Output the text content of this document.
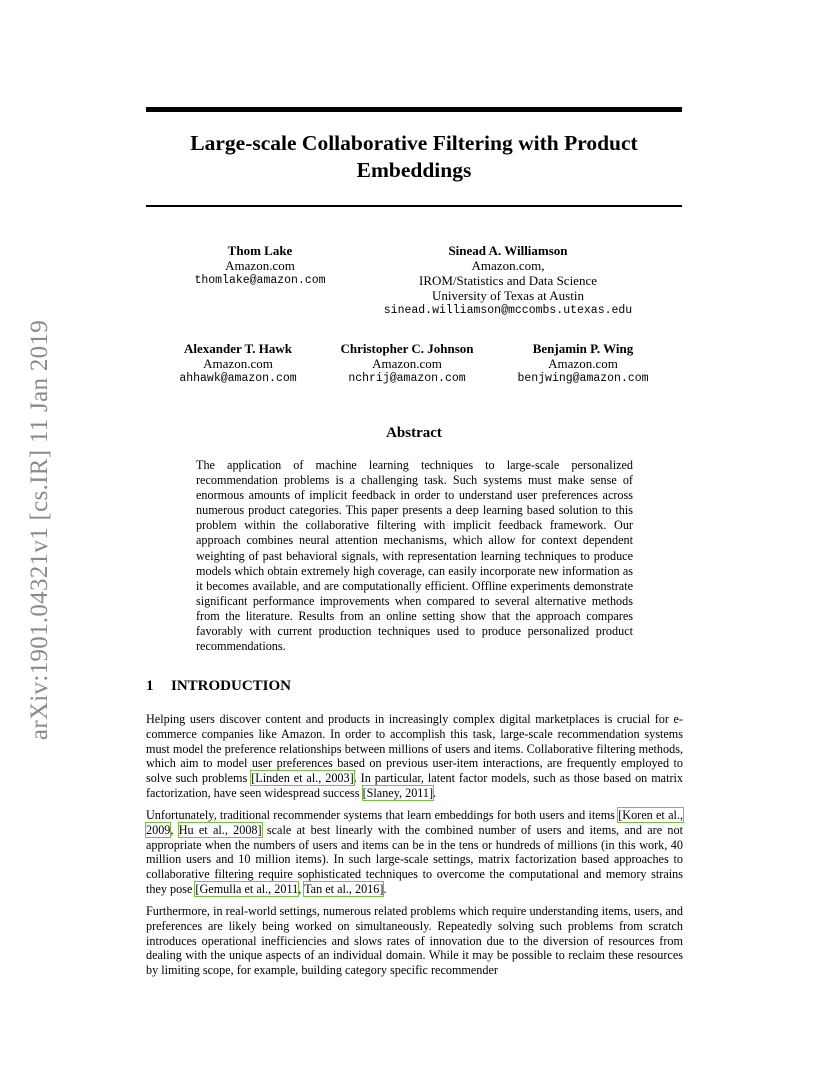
arXiv:1901.04321v1 [cs.IR] 11 Jan 2019
Large-scale Collaborative Filtering with Product
Embeddings
Thom Lake
Amazon.com
thomlake@amazon.com
Sinead A. Williamson
Amazon.com,
IROM/Statistics and Data Science
University of Texas at Austin
sinead.williamson@mccombs.utexas.edu
Alexander T. Hawk
Amazon.com
ahhawk@amazon.com
Christopher C. Johnson
Amazon.com
nchrij@amazon.com
Benjamin P. Wing
Amazon.com
benjwing@amazon.com
Abstract

The application of machine learning techniques to large-scale personalized recommendation problems is a challenging task. Such systems must make sense of enormous amounts of implicit feedback in order to understand user preferences across numerous product categories. This paper presents a deep learning based solution to this problem within the collaborative filtering with implicit feedback framework. Our approach combines neural attention mechanisms, which allow for context dependent weighting of past behavioral signals, with representation learning techniques to produce models which obtain extremely high coverage, can easily incorporate new information as it becomes available, and are computationally efficient. Offline experiments demonstrate significant performance improvements when compared to several alternative methods from the literature. Results from an online setting show that the approach compares favorably with current production techniques used to produce personalized product recommendations.

1 INTRODUCTION

Helping users discover content and products in increasingly complex digital marketplaces is crucial for e-commerce companies like Amazon. In order to accomplish this task, large-scale recommendation systems must model the preference relationships between millions of users and items. Collaborative filtering methods, which aim to model user preferences based on previous user-item interactions, are frequently employed to solve such problems [Linden et al., 2003]. In particular, latent factor models, such as those based on matrix factorization, have seen widespread success [Slaney, 2011].

Unfortunately, traditional recommender systems that learn embeddings for both users and items [Koren et al., 2009, Hu et al., 2008] scale at best linearly with the combined number of users and items, and are not appropriate when the numbers of users and items can be in the tens or hundreds of millions (in this work, 40 million users and 10 million items). In such large-scale settings, matrix factorization based approaches to collaborative filtering require sophisticated techniques to overcome the computational and memory strains they pose [Gemulla et al., 2011, Tan et al., 2016].

Furthermore, in real-world settings, numerous related problems which require understanding items, users, and preferences are likely being worked on simultaneously. Repeatedly solving such problems from scratch introduces operational inefficiencies and slows rates of innovation due to the diversion of resources from dealing with the unique aspects of an individual domain. While it may be possible to reclaim these resources by limiting scope, for example, building category specific recommender
